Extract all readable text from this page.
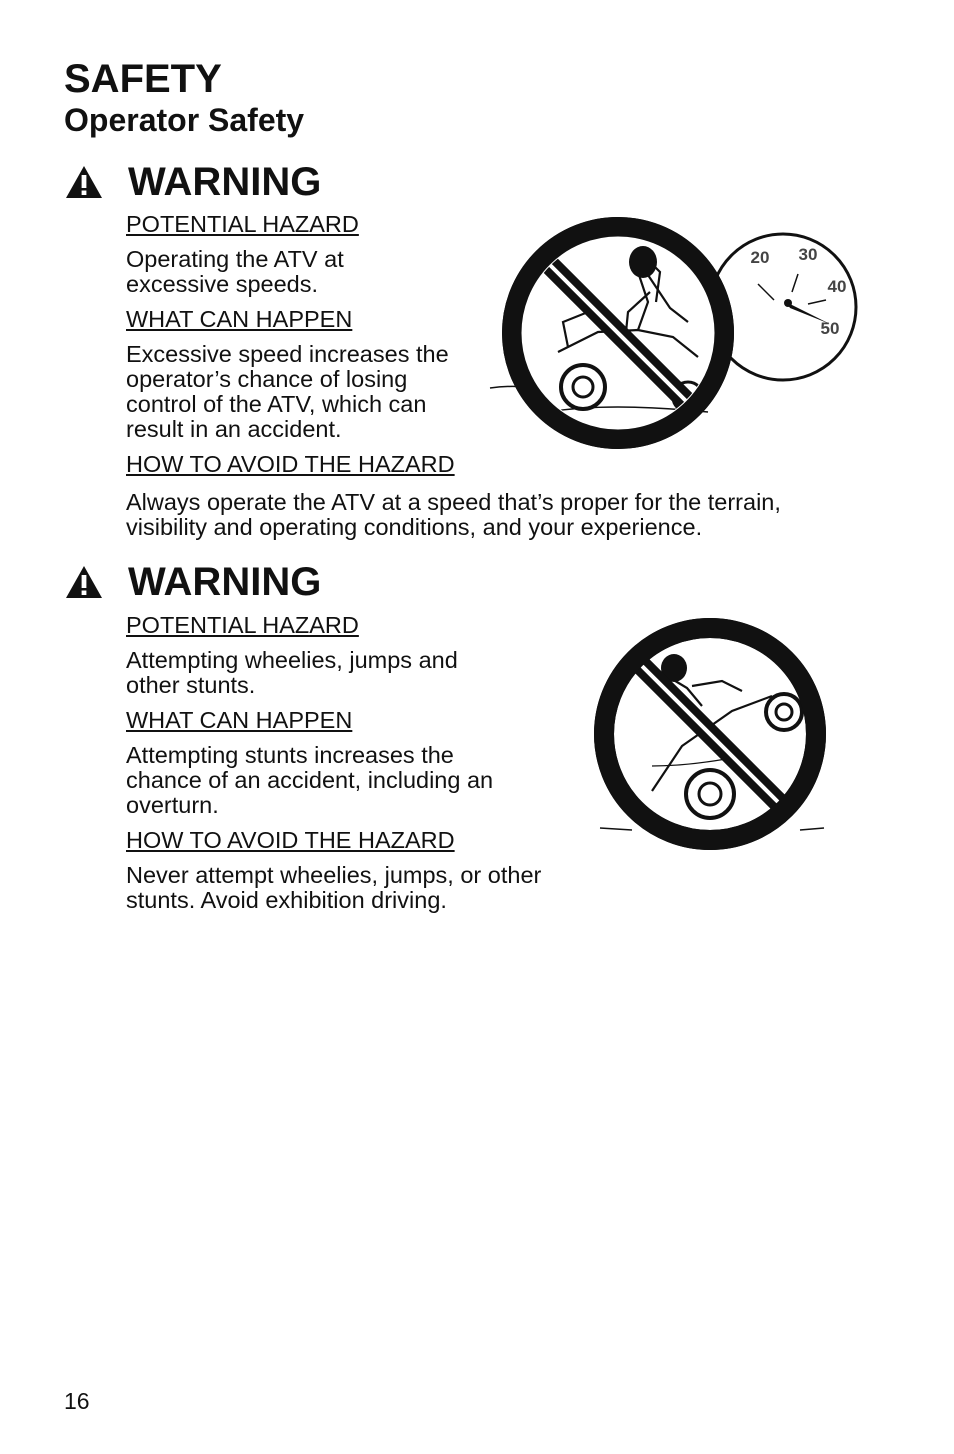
SAFETY
Operator Safety
WARNING
POTENTIAL HAZARD
Operating the ATV at excessive speeds.
WHAT CAN HAPPEN
Excessive speed increases the operator’s chance of losing control of the ATV, which can result in an accident.
HOW TO AVOID THE HAZARD
Always operate the ATV at a speed that’s proper for the terrain, visibility and operating conditions, and your experience.
20 30
40
50
WARNING
POTENTIAL HAZARD
Attempting wheelies, jumps and other stunts.
WHAT CAN HAPPEN
Attempting stunts increases the chance of an accident, including an overturn.
HOW TO AVOID THE HAZARD
Never attempt wheelies, jumps, or other stunts. Avoid exhibition driving.
16
